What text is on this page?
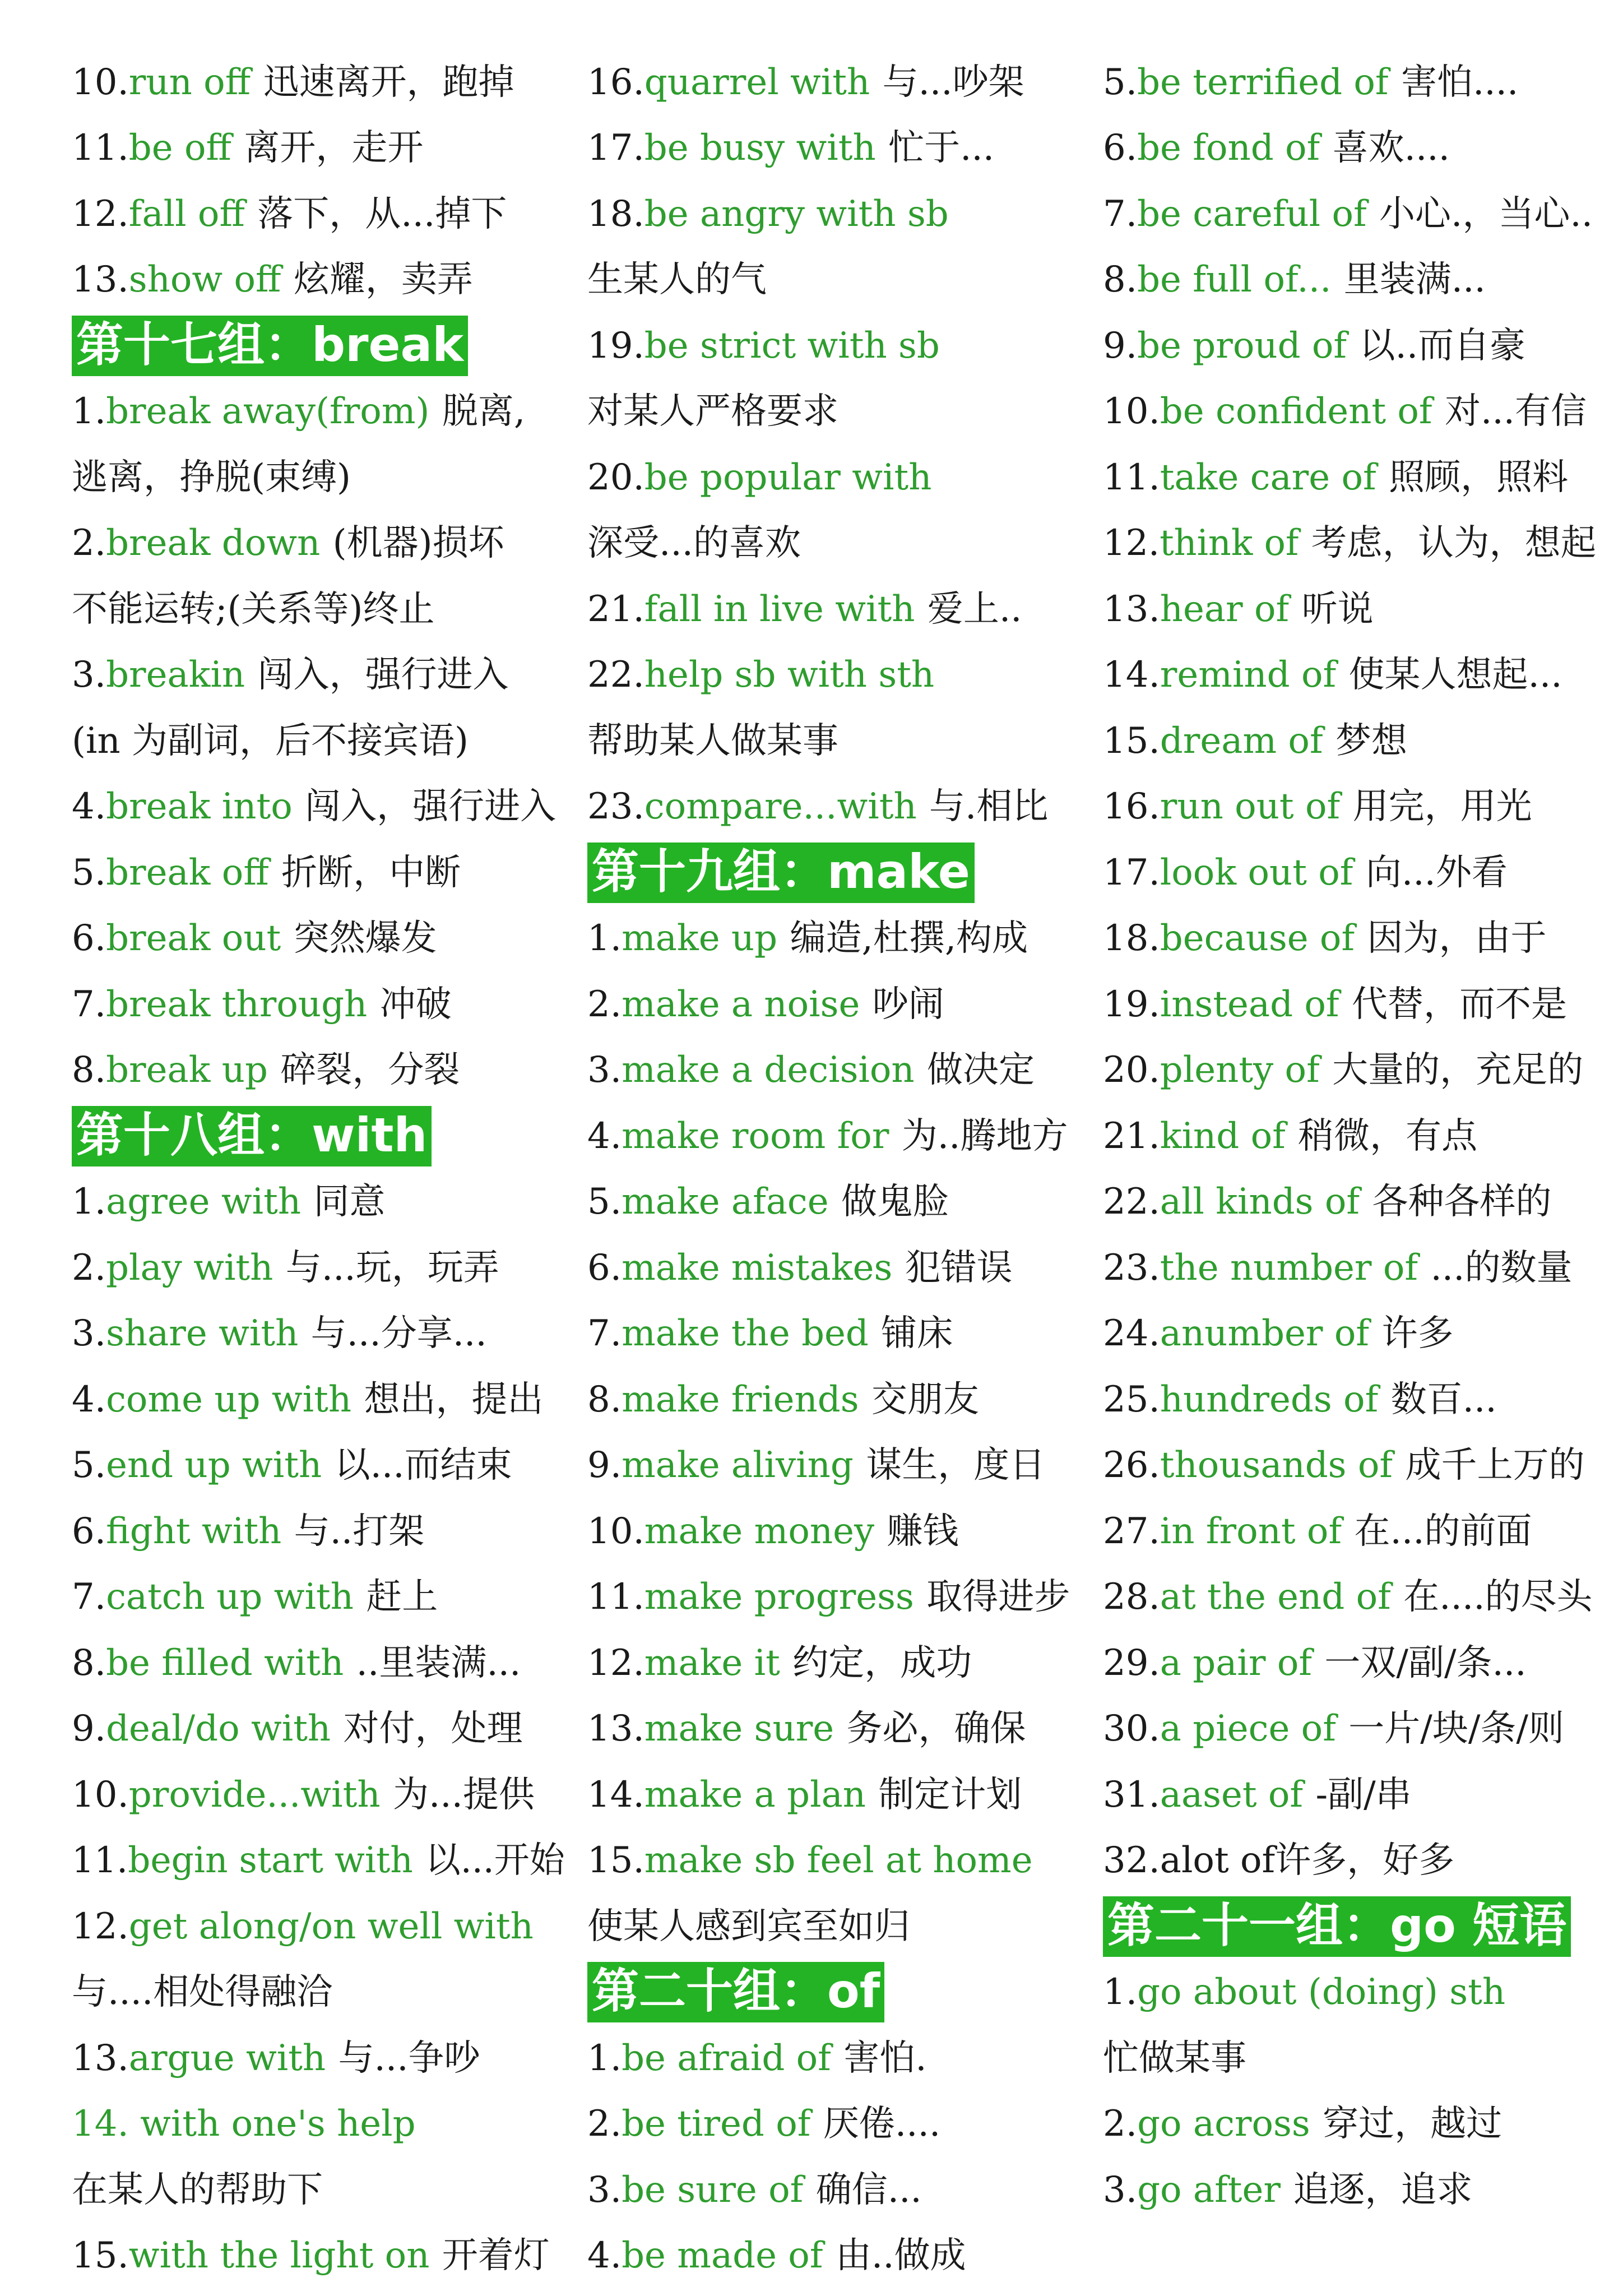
10. run off 迅速离开，跑掉
11. be off 离开，走开
12. fall off 落下，从...掉下
13. show off 炫耀，卖弄
第十七组：break
1. break away(from) 脱离,
逃离，挣脱(束缚)
2. break down (机器)损坏
不能运转;(关系等)终止
3. breakin 闯入，强行进入
(in 为副词，后不接宾语)
4. break into 闯入，强行进入
5. break off 折断，中断
6. break out 突然爆发
7. break through 冲破
8. break up 碎裂，分裂
第十八组：with
1. agree with 同意
2. play with 与...玩，玩弄
3. share with 与...分享...
4. come up with 想出，提出
5. end up with 以...而结束
6. fight with 与..打架
7. catch up with 赶上
8. be filled with ..里装满...
9. deal/do with 对付，处理
10. provide...with 为...提供
11. begin start with 以...开始
12. get along/on well with
与....相处得融洽
13. argue with 与...争吵
14. with one's help
在某人的帮助下
15. with the light on 开着灯
16. quarrel with 与...吵架
17. be busy with 忙于...
18. be angry with sb
生某人的气
19. be strict with sb
对某人严格要求
20. be popular with
深受...的喜欢
21. fall in live with 爱上..
22. help sb with sth
帮助某人做某事
23. compare...with 与.相比
第十九组：make
1. make up 编造,杜撰,构成
2. make a noise 吵闹
3. make a decision 做决定
4. make room for 为..腾地方
5. make aface 做鬼脸
6. make mistakes 犯错误
7. make the bed 铺床
8. make friends 交朋友
9. make aliving 谋生，度日
10. make money 赚钱
11. make progress 取得进步
12. make it 约定，成功
13. make sure 务必，确保
14. make a plan 制定计划
15. make sb feel at home
使某人感到宾至如归
第二十组：of
1. be afraid of 害怕.
2. be tired of 厌倦....
3. be sure of 确信...
4. be made of 由..做成
5. be terrified of 害怕....
6. be fond of 喜欢....
7. be careful of 小心.，当心..
8. be full of... 里装满...
9. be proud of 以..而自豪
10. be confident of 对...有信
11. take care of 照顾，照料
12. think of 考虑，认为，想起
13. hear of 听说
14. remind of 使某人想起...
15. dream of 梦想
16. run out of 用完，用光
17. look out of 向...外看
18. because of 因为，由于
19. instead of 代替，而不是
20. plenty of 大量的，充足的
21. kind of 稍微，有点
22. all kinds of 各种各样的
23. the number of ...的数量
24. anumber of 许多
25. hundreds of 数百...
26. thousands of 成千上万的
27. in front of 在...的前面
28. at the end of 在....的尽头
29. a pair of 一双/副/条...
30. a piece of 一片/块/条/则
31. aaset of -副/串
32.alot of 许多，好多
第二十一组：go 短语
1. go about (doing) sth
忙做某事
2. go across 穿过，越过
3. go after 追逐，追求
